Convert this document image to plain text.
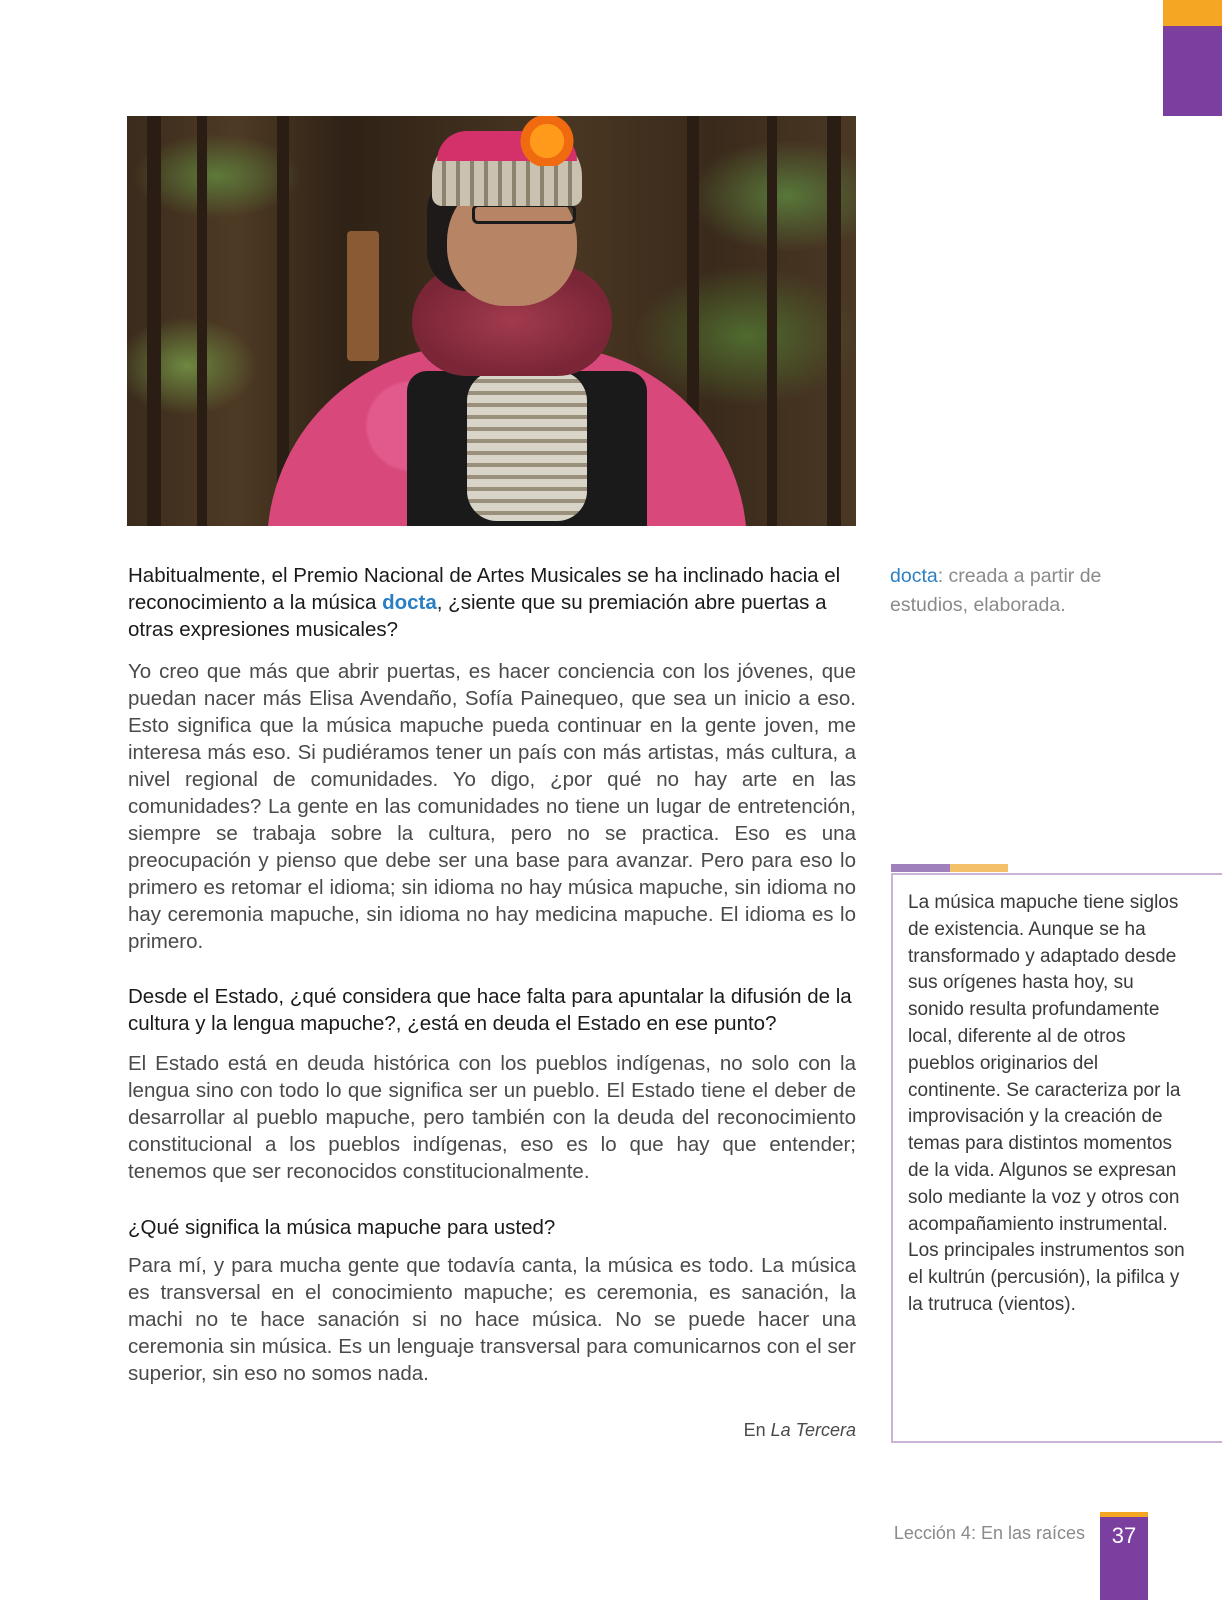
Habitualmente, el Premio Nacional de Artes Musicales se ha inclinado hacia el reconocimiento a la música docta, ¿siente que su premiación abre puertas a otras expresiones musicales?

Yo creo que más que abrir puertas, es hacer conciencia con los jóvenes, que puedan nacer más Elisa Avendaño, Sofía Painequeo, que sea un inicio a eso. Esto significa que la música mapuche pueda continuar en la gente joven, me interesa más eso. Si pudiéramos tener un país con más artistas, más cultura, a nivel regional de comunidades. Yo digo, ¿por qué no hay arte en las comunidades? La gente en las comunidades no tiene un lugar de entretención, siempre se trabaja sobre la cultura, pero no se practica. Eso es una preocupación y pienso que debe ser una base para avanzar. Pero para eso lo primero es retomar el idioma; sin idioma no hay música mapuche, sin idioma no hay ceremonia mapuche, sin idioma no hay medicina mapuche. El idioma es lo primero.

Desde el Estado, ¿qué considera que hace falta para apuntalar la difusión de la cultura y la lengua mapuche?, ¿está en deuda el Estado en ese punto?

El Estado está en deuda histórica con los pueblos indígenas, no solo con la lengua sino con todo lo que significa ser un pueblo. El Estado tiene el deber de desarrollar al pueblo mapuche, pero también con la deuda del reconocimiento constitucional a los pueblos indígenas, eso es lo que hay que entender; tenemos que ser reconocidos constitucionalmente.

¿Qué significa la música mapuche para usted?

Para mí, y para mucha gente que todavía canta, la música es todo. La música es transversal en el conocimiento mapuche; es ceremonia, es sanación, la machi no te hace sanación si no hace música. No se puede hacer una ceremonia sin música. Es un lenguaje transversal para comunicarnos con el ser superior, sin eso no somos nada.

En La Tercera
docta: creada a partir de estudios, elaborada.

La música mapuche tiene siglos de existencia. Aunque se ha transformado y adaptado desde sus orígenes hasta hoy, su sonido resulta profundamente local, diferente al de otros pueblos originarios del continente. Se caracteriza por la improvisación y la creación de temas para distintos momentos de la vida. Algunos se expresan solo mediante la voz y otros con acompañamiento instrumental. Los principales instrumentos son el kultrún (percusión), la pifilca y la trutruca (vientos).

Lección 4: En las raíces	37
